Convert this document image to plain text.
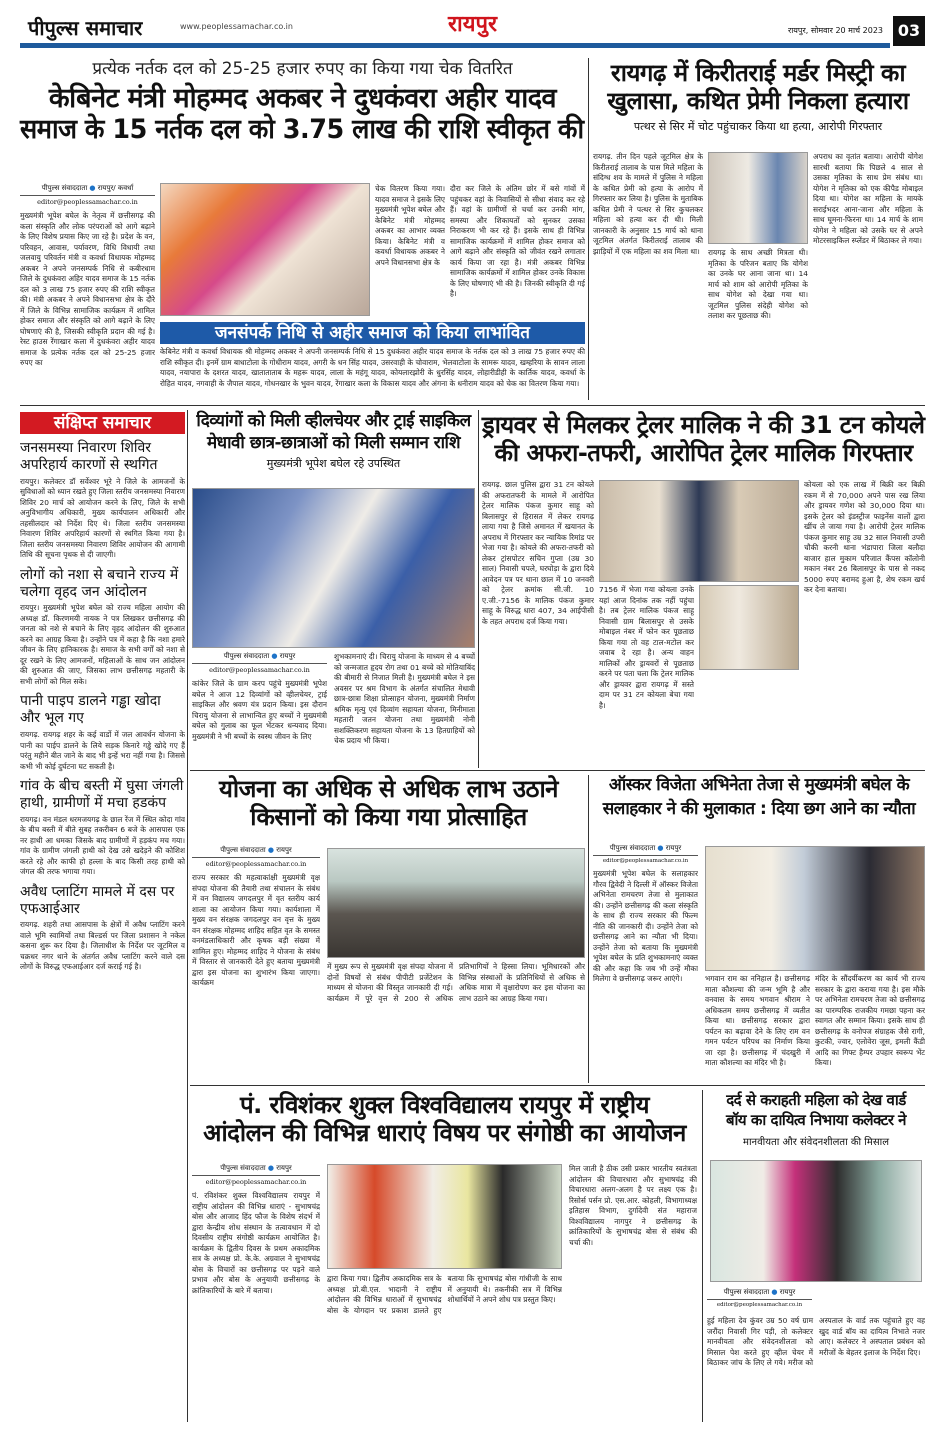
पीपुल्स समाचार	www.peoplessamachar.co.in	रायपुर	रायपुर, सोमवार 20 मार्च 2023 03
प्रत्येक नर्तक दल को 25-25 हजार रुपए का किया गया चेक वितरित
केबिनेट मंत्री मोहम्मद अकबर ने दुधकंवरा अहीर यादव
समाज के 15 नर्तक दल को 3.75 लाख की राशि स्वीकृत की
पीपुल्स संवाददाता ● रायपुर/ कवर्धा
editor@peoplessamachar.co.in
मुख्यमंत्री भूपेश बघेल के नेतृत्व में छत्तीसगढ़ की कला संस्कृति और लोक परंपराओं को आगे बढ़ाने के लिए विशेष प्रयास किए जा रहे है। प्रदेश के वन, परिवहन, आवास, पर्यावरण, विधि विधायी तथा जलवायु परिवर्तन मंत्री व कवर्धा विधायक मोहम्मद अकबर ने अपने जनसम्पर्क निधि से कबीरधाम जिले के दुधकंवरा अहिर यादव समाज के 15 नर्तक दल को 3 लाख 75 हजार रुपए की राशि स्वीकृत की। मंत्री अकबर ने अपने विधानसभा क्षेत्र के दौरे में जिले के विभिन्न सामाजिक कार्यक्रम में शामिल होकर समाज और संस्कृति को आगे बढ़ाने के लिए घोषणाएं की है, जिसकी स्वीकृति प्रदान की गई है। रेस्ट हाउस रेंगाखार कला में दुधकंवरा अहीर यादव समाज के प्रत्येक नर्तक दल को 25-25 हजार रुपए का
चेक वितरण किया गया। यादव समाज ने इसके लिए मुख्यमंत्री भूपेश बघेल और केबिनेट मंत्री मोहम्मद अकबर का आभार व्यक्त किया। केबिनेट मंत्री व कवर्धा विधायक अकबर ने अपने विधानसभा क्षेत्र के
दौरा कर जिले के अंतिम छोर में बसे गांवों में पहुंचकर वहां के निवासियों से सीधा संवाद कर रहे हैं। वहां के ग्रामीणों से चर्चा कर उनकी मांग, समस्या और शिकायतों को सुनकर उसका निराकरण भी कर रहे हैं। इसके साथ ही विभिन्न सामाजिक कार्यक्रमों में शामिल होकर समाज को आगे बढ़ाने और संस्कृति को जीवंत रखने लगातार कार्य किया जा रहा है। मंत्री अकबर विभिन्न सामाजिक कार्यक्रमों में शामिल होकर उनके विकास के लिए घोषणाएं भी की है। जिनकी स्वीकृति दी गई है।
जनसंपर्क निधि से अहीर समाज को किया लाभांवित
केबिनेट मंत्री व कवर्धा विधायक श्री मोहम्मद अकबर ने अपनी जनसम्पर्क निधि से 15 दुधकंवरा अहीर यादव समाज के नर्तक दल को 3 लाख 75 हजार रुपए की राशि स्वीकृत दी। इनमें ग्राम बाधाटोला के गोधीराम यादव, अगरी के धन सिंह यादव, उसरवाही के चोवाराम, भेलवाटोला के सामरू यादव, खम्हरिया के सावन लाला यादव, नयापारा के दशरत यादव, खाताताताब के महरू यादव, लाला के महंगू यादव, कोयलारझोरी के धुरसिंह यादव, लोहारीडीही के कार्तिक यादव, कवर्धा के रोहित यादव, नगवाही के जैपाल यादव, गोधनखार के भुवन यादव, रेंगाखार कला के विकास यादव और अंगना के धनीराम यादव को चेक का वितरण किया गया।
रायगढ़ में किरीतराई मर्डर मिस्ट्री का
खुलासा, कथित प्रेमी निकला हत्यारा
पत्थर से सिर में चोट पहुंचाकर किया था हत्या, आरोपी गिरफ्तार
रायगढ़. तीन दिन पहले जूटमिल क्षेत्र के किरीतराई तालाब के पास मिले महिला के संदिग्ध शव के मामले में पुलिस ने महिला के कथित प्रेमी को हत्या के आरोप में गिरफ्तार कर लिया है। पुलिस के मुताबिक कथित प्रेमी ने पत्थर से सिर कुचलकर महिला को हत्या कर दी थी। मिली जानकारी के अनुसार 15 मार्च को थाना जूटमिल अंतर्गत किरीतराई तालाब की झाड़ियों में एक महिला का शव मिला था।	रायगढ़ के साथ अच्छी मित्रता थी। मृतिका के परिजन बताए कि योगेश का उनके घर आना जाना था। 14 मार्च को शाम को आरोपी मृतिका के साथ योगेश को देखा गया था। जूटमिल पुलिस संदेही योगेश को तलाश कर पूछताछ की।
अपराध का वृतांत बताया। आरोपी योगेश सारथी बताया कि पिछले 4 साल से उसका मृतिका के साथ प्रेम संबंध था। योगेश ने मृतिका को एक कीपैड मोबाइल दिया था। योगेश का महिला के मायके सराईभदर आना-जाना और महिला के साथ घूमना-फिरना था। 14 मार्च के शाम योगेश ने महिला को उसके घर से अपने मोटरसाइकिल स्प्लेंडर में बिठाकर ले गया।
संक्षिप्त समाचार
जनसमस्या निवारण शिविर अपरिहार्य कारणों से स्थगित
रायपुर। कलेक्टर डॉ सर्वेश्वर भूरे ने जिले के आमजनों के सुविधाओं को ध्यान रखते हुए जिला स्तरीय जनसमस्या निवारण शिविर 20 मार्च को आयोजन करने के लिए, जिले के सभी अनुविभागीय अधिकारी, मुख्य कार्यपालन अधिकारी और तहसीलदार को निर्देश दिए थे। जिला स्तरीय जनसमस्या निवारण शिविर अपरिहार्य कारणों से स्थगित किया गया है। जिला स्तरीय जनसमस्या निवारण शिविर आयोजन की आगामी तिथि की सूचना पृथक से दी जाएगी।
लोगों को नशा से बचाने राज्य में चलेगा वृहद जन आंदोलन
रायपुर। मुख्यमंत्री भूपेश बघेल को राज्य महिला आयोग की अध्यक्ष डॉ. किरणमयी नायक ने पत्र लिखकर छत्तीसगढ़ की जनता को नशे से बचाने के लिए वृहद आंदोलन की शुरुआत करने का आग्रह किया है। उन्होंने पत्र में कहा है कि नशा हमारे जीवन के लिए हानिकारक है। समाज के सभी वर्गों को नशा से दूर रखने के लिए आमजनों, महिलाओं के साथ जन आंदोलन की शुरुआत की जाए, जिसका लाभ छत्तीसगढ़ महतारी के सभी लोगों को मिल सके।
पानी पाइप डालने गड्ढा खोदा और भूल गए
रायगढ़. रायगढ़ शहर के कई वार्डो में जल आवर्धन योजना के पानी का पाईप डालने के लिये सड़क किनारे गड्ढे खोदे गए हैं परंतु महीने बीत जाने के बाद भी इन्हें भरा नहीं गया है। जिससे कभी भी कोई दुर्घटना घट सकती है।
गांव के बीच बस्ती में घुसा जंगली हाथी, ग्रामीणों में मचा हडकंप
रायगढ़। वन मंडल धरमजयगढ़ के छाल रेंज में स्थित कोदा गांव के बीच बस्ती में बीते सुबह तकरीबन 6 बजे के आसपास एक नर हाथी आ धमका जिसके बाद ग्रामीणों में हड़कंप मच गया। गांव के ग्रामीण जंगली हाथी को देख उसे खदेड़ने की कोशिश करते रहे और काफी हो हल्ला के बाद किसी तरह हाथी को जंगल की तरफ भगाया गया।
अवैध प्लाटिंग मामले में दस पर एफआईआर
रायगढ़. शहरी तथा आसपास के क्षेत्रों में अवैध प्लाटिंग करने वाले भूमि स्वामियों तथा बिल्डर्स पर जिला प्रशासन ने नकेल कसना शुरू कर दिया है। जिलाधीश के निर्देश पर जूटमिल व चक्रधर नगर थाने के अंतर्गत अवैध प्लाटिंग करने वाले दस लोगों के विरुद्ध एफआईआर दर्ज कराई गई है।
दिव्यांगों को मिली व्हीलचेयर और ट्राई साइकिल
मेधावी छात्र-छात्राओं को मिली सम्मान राशि
मुख्यमंत्री भूपेश बघेल रहे उपस्थित
पीपुल्स संवाददाता ● रायपुर
editor@peoplessamachar.co.in
कांकेर जिले के ग्राम करप पहुंचे मुख्यमंत्री भूपेश बघेल ने आज 12 दिव्यांगों को व्हीलचेयर, ट्राई साइकिल और श्रवण यंत्र प्रदान किया। इस दौरान चिरायु योजना से लाभान्वित हुए बच्चों ने मुख्यमंत्री बघेल को गुलाब का फूल भेंटकर धन्यवाद दिया। मुख्यमंत्री ने भी बच्चों के स्वस्थ जीवन के लिए
शुभकामनाएं दी। चिरायु योजना के माध्यम से 4 बच्चों को जन्मजात हृदय रोग तथा 01 बच्चे को मोतियाबिंद की बीमारी से निजात मिली है। मुख्यमंत्री बघेल ने इस अवसर पर श्रम विभाग के अंतर्गत संचालित मेधावी छात्र-छात्रा शिक्षा प्रोत्साहन योजना, मुख्यमंत्री निर्माण श्रमिक मृत्यु एवं दिव्यांग सहायता योजना, मिनीमाता महतारी जतन योजना तथा मुख्यमंत्री नोनी सशक्तिकरण सहायता योजना के 13 हितग्राहियों को चेक प्रदाय भी किया।
ड्रायवर से मिलकर ट्रेलर मालिक ने की 31 टन कोयले
की अफरा-तफरी, आरोपित ट्रेलर मालिक गिरफ्तार
रायगढ़. छाल पुलिस द्वारा 31 टन कोयले की अफरातफरी के मामले में आरोपित ट्रेलर मालिक पंकज कुमार साहू को बिलासपुर से हिरासत में लेकर रायगढ़ लाया गया है जिसे अमानत में खयानत के अपराध में गिरफ्तार कर न्यायिक रिमांड पर भेजा गया है। कोयले की अफरा-तफरी को लेकर ट्रांसपोटर सचिन गुप्ता (उम्र 30 साल) निवासी चपले, घरघोड़ा के द्वारा दिये आवेदन पत्र पर थाना छाल में 10 जनवरी को ट्रेलर क्रमांक सी.जी. 10 ए.जी.-7156 के मालिक पंकज कुमार साहू के विरुद्ध धारा 407, 34 आईपीसी के तहत अपराध दर्ज किया गया।
7156 में भेजा गया कोयला उनके यहां आज दिनांक तक नहीं पहुंचा है। तब ट्रेलर मालिक पंकज साहू निवासी ग्राम बिलासपुर से उसके मोबाइल नंबर में फोन कर पूछताछ किया गया तो वह टाल-मटोल कर जवाब दे रहा है। अन्य वाहन मालिकों और ड्रायवरों से पूछताछ करने पर पता चला कि ट्रेलर मालिक और ड्रायवर द्वारा रायगढ़ में सस्ते दाम पर 31 टन कोयला बेचा गया है।
कोयला को एक लाख में बिक्री कर बिक्री रकम में से 70,000 अपने पास रख लिया और ड्रायवर गणेश को 30,000 दिया था। इसके ट्रेलर को इंडस्ट्रीज फाइनेंस वालों द्वारा खींच ले जाया गया है। आरोपी ट्रेलर मालिक पंकज कुमार साहू उम्र 32 साल निवासी उपरी चौकी करनी थाना भंडापारा जिला बलौदा बाजार हाल मुकाम परिजात कैंपस कॉलोनी मकान नंबर 26 बिलासपुर के पास से नकद 5000 रुपए बरामद हुआ है, शेष रकम खर्च कर देना बताया।
योजना का अधिक से अधिक लाभ उठाने
किसानों को किया गया प्रोत्साहित
पीपुल्स संवाददाता ● रायपुर
editor@peoplessamachar.co.in
राज्य सरकार की महत्वाकांक्षी मुख्यमंत्री वृक्ष संपदा योजना की तैयारी तथा संचालन के संबंध में वन विद्यालय जगदलपुर में वृत स्तरीय कार्य शाला का आयोजन किया गया। कार्यशाला में मुख्य वन संरक्षक जगदलपुर वन वृत्त के मुख्य वन संरक्षक मोहम्मद शाहिद सहित वृत के समस्त वनमंडलाधिकारी और कृषक बड़ी संख्या में शामिल हुए। मोहम्मद शाहिद ने योजना के संबंध में विस्तार से जानकारी देते हुए बताया मुख्यमंत्री द्वारा इस योजना का शुभारंभ किया जाएगा। कार्यक्रम
में मुख्य रूप से मुख्यमंत्री वृक्ष संपदा योजना में दोनों विषयों से संबंध पीपीटी प्रजेंटेशन के माध्यम से योजना की विस्तृत जानकारी दी गई। कार्यक्रम में पूरे वृत्त से 200 से अधिक प्रतिभागियों ने हिस्सा लिया। भूमिधारकों और विभिन्न संस्थाओं के प्रतिनिधियों से अधिक से अधिक मात्रा में वृक्षारोपण कर इस योजना का लाभ उठाने का आग्रह किया गया।
ऑस्कर विजेता अभिनेता तेजा से मुख्यमंत्री बघेल के
सलाहकार ने की मुलाकात : दिया छग आने का न्यौता
पीपुल्स संवाददाता ● रायपुर
editor@peoplessamachar.co.in
मुख्यमंत्री भूपेश बघेल के सलाहकार गौरव द्विवेदी ने दिल्ली में ऑस्कर विजेता अभिनेता रामचरण तेजा से मुलाकात की। उन्होंने छत्तीसगढ़ की कला संस्कृति के साथ ही राज्य सरकार की फिल्म नीति की जानकारी दी। उन्होंने तेजा को छत्तीसगढ़ आने का न्यौता भी दिया। उन्होंने तेजा को बताया कि मुख्यमंत्री भूपेश बघेल के प्रति शुभकामनाएं व्यक्त की और कहा कि जब भी उन्हें मौका मिलेगा वे छत्तीसगढ़ जरूर आएंगे।	भगवान राम का ननिहाल है। छत्तीसगढ़ माता कौशल्या की जन्म भूमि है और वनवास के समय भगवान श्रीराम ने अधिकतम समय छत्तीसगढ़ में व्यतीत किया था। छत्तीसगढ़ सरकार द्वारा पर्यटन का बढ़ावा देने के लिए राम वन गमन पर्यटन परिपथ का निर्माण किया जा रहा है। छत्तीसगढ़ में चंदखुरी में माता कौशल्या का मंदिर भी है।
मंदिर के सौंदर्यीकरण का कार्य भी राज्य सरकार के द्वारा कराया गया है। इस मौके पर अभिनेता रामचरण तेजा को छत्तीसगढ़ का पारम्परिक राजकीय गमछा पहना कर स्वागत और सम्मान किया। इसके साथ ही छत्तीसगढ़ के वनोपज संग्राहक जैसे रागी, कुटकी, ज्वार, एलोवेरा जूस, इमली कैंडी आदि का गिफ्ट हैम्पर उपहार स्वरूप भेंट किया।
पं. रविशंकर शुक्ल विश्वविद्यालय रायपुर में राष्ट्रीय
आंदोलन की विभिन्न धाराएं विषय पर संगोष्ठी का आयोजन
पीपुल्स संवाददाता ● रायपुर
editor@peoplessamachar.co.in
पं. रविशंकर शुक्ल विश्वविद्यालय रायपुर में राष्ट्रीय आंदोलन की विभिन्न धाराएं - सुभाषचंद्र बोस और आजाद हिंद फौज के विशेष संदर्भ में द्वारा केन्द्रीय शोध संस्थान के तत्वावधान में दो दिवसीय राष्ट्रीय संगोष्ठी कार्यक्रम आयोजित है। कार्यक्रम के द्वितीय दिवस के प्रथम अकादमिक सत्र के अध्यक्ष प्रो. के.के. अग्रवाल ने सुभाषचंद्र बोस के विचारों का छत्तीसगढ़ पर पड़ने वाले प्रभाव और बोस के अनुयायी छत्तीसगढ़ के क्रांतिकारियों के बारे में बताया।
द्वारा किया गया। द्वितीय अकादमिक सत्र के अध्यक्ष प्रो.बी.एल. भादानी ने राष्ट्रीय आंदोलन की विभिन्न धाराओं में सुभाषचंद्र बोस के योगदान पर प्रकाश डालते हुए बताया कि सुभाषचंद्र बोस गांधीजी के साथ में अनुयायी थे। तकनीकी सत्र में विभिन्न शोधार्थियों ने अपने शोध पत्र प्रस्तुत किए।
मिल जाती है ठीक उसी प्रकार भारतीय स्वतंत्रता आंदोलन की विचारधारा और सुभाषचंद्र की विचारधारा अलग-अलग है पर लक्ष्य एक है। रिसोर्स पर्सन प्रो. एस.आर. कोहली, विभागाध्यक्ष इतिहास विभाग, दुर्गादेवी संत महाराज विश्वविद्यालय नागपुर ने छत्तीसगढ़ के क्रांतिकारियों के सुभाषचंद्र बोस से संबंध की चर्चा की।
दर्द से कराहती महिला को देख वार्ड
बॉय का दायित्व निभाया कलेक्टर ने
मानवीयता और संवेदनशीलता की मिसाल
पीपुल्स संवाददाता ● रायपुर
editor@peoplessamachar.co.in
हुई महिला देव कुंवर उम्र 50 वर्ष ग्राम जरौंदा निवासी गिर पड़ी, तो कलेक्टर मानवीयता और संवेदनशीलता को मिसाल पेश करते हुए व्हील चेयर में बिठाकर जांच के लिए ले गये। मरीज को अस्पताल के वार्ड तक पहुंचाते हुए वह खुद वार्ड बॉय का दायित्व निभाते नजर आए। कलेक्टर ने अस्पताल प्रबंधन को मरीजों के बेहतर इलाज के निर्देश दिए।
